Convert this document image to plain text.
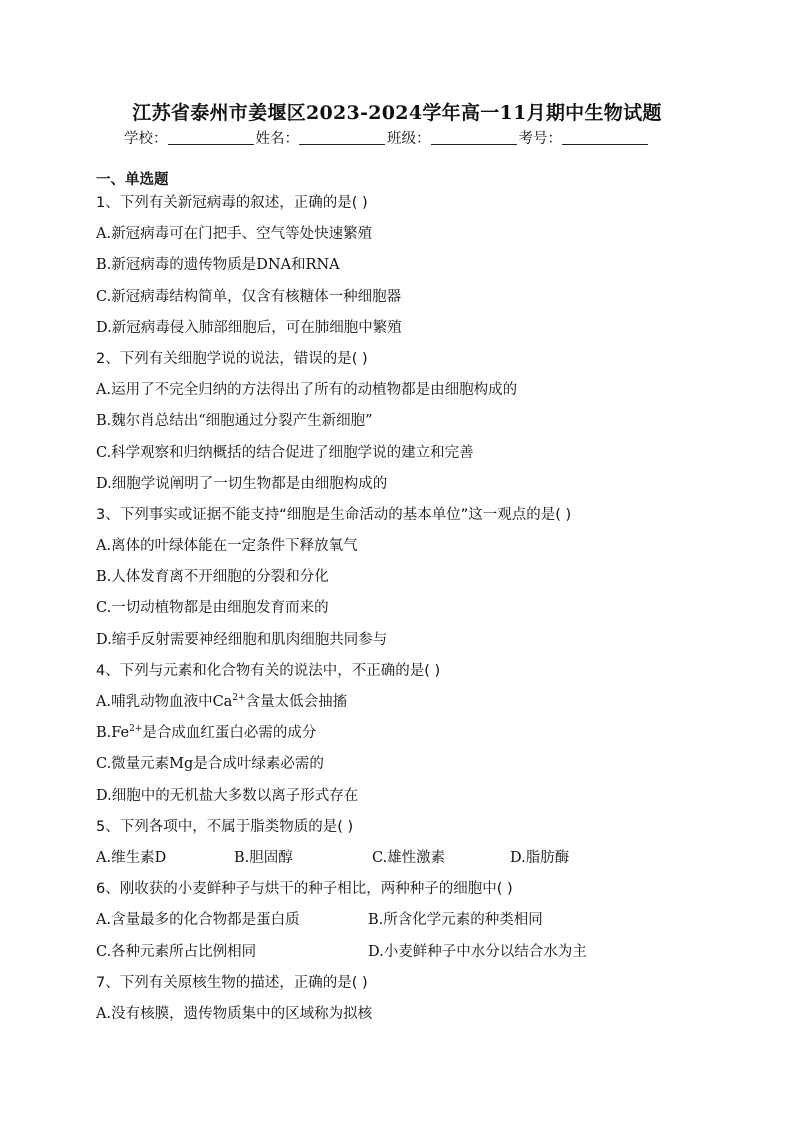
江苏省泰州市姜堰区2023-2024学年高一11月期中生物试题
学校：	姓名：	班级：	考号：
一、单选题
1、下列有关新冠病毒的叙述，正确的是( )
A.新冠病毒可在门把手、空气等处快速繁殖
B.新冠病毒的遗传物质是DNA和RNA
C.新冠病毒结构简单，仅含有核糖体一种细胞器
D.新冠病毒侵入肺部细胞后，可在肺细胞中繁殖
2、下列有关细胞学说的说法，错误的是( )
A.运用了不完全归纳的方法得出了所有的动植物都是由细胞构成的
B.魏尔肖总结出“细胞通过分裂产生新细胞”
C.科学观察和归纳概括的结合促进了细胞学说的建立和完善
D.细胞学说阐明了一切生物都是由细胞构成的
3、下列事实或证据不能支持“细胞是生命活动的基本单位”这一观点的是( )
A.离体的叶绿体能在一定条件下释放氧气
B.人体发育离不开细胞的分裂和分化
C.一切动植物都是由细胞发育而来的
D.缩手反射需要神经细胞和肌肉细胞共同参与
4、下列与元素和化合物有关的说法中，不正确的是( )
A.哺乳动物血液中$Ca^{2+}$含量太低会抽搐
$B.Fe^{2+}$是合成血红蛋白必需的成分
C.微量元素Mg是合成叶绿素必需的
D.细胞中的无机盐大多数以离子形式存在
5、下列各项中，不属于脂类物质的是( )
A.维生素D	B.胆固醇	C.雄性激素	D.脂肪酶
6、刚收获的小麦鲜种子与烘干的种子相比，两种种子的细胞中( )
A.含量最多的化合物都是蛋白质	B.所含化学元素的种类相同
C.各种元素所占比例相同	D.小麦鲜种子中水分以结合水为主
7、下列有关原核生物的描述，正确的是( )
A.没有核膜，遗传物质集中的区域称为拟核
